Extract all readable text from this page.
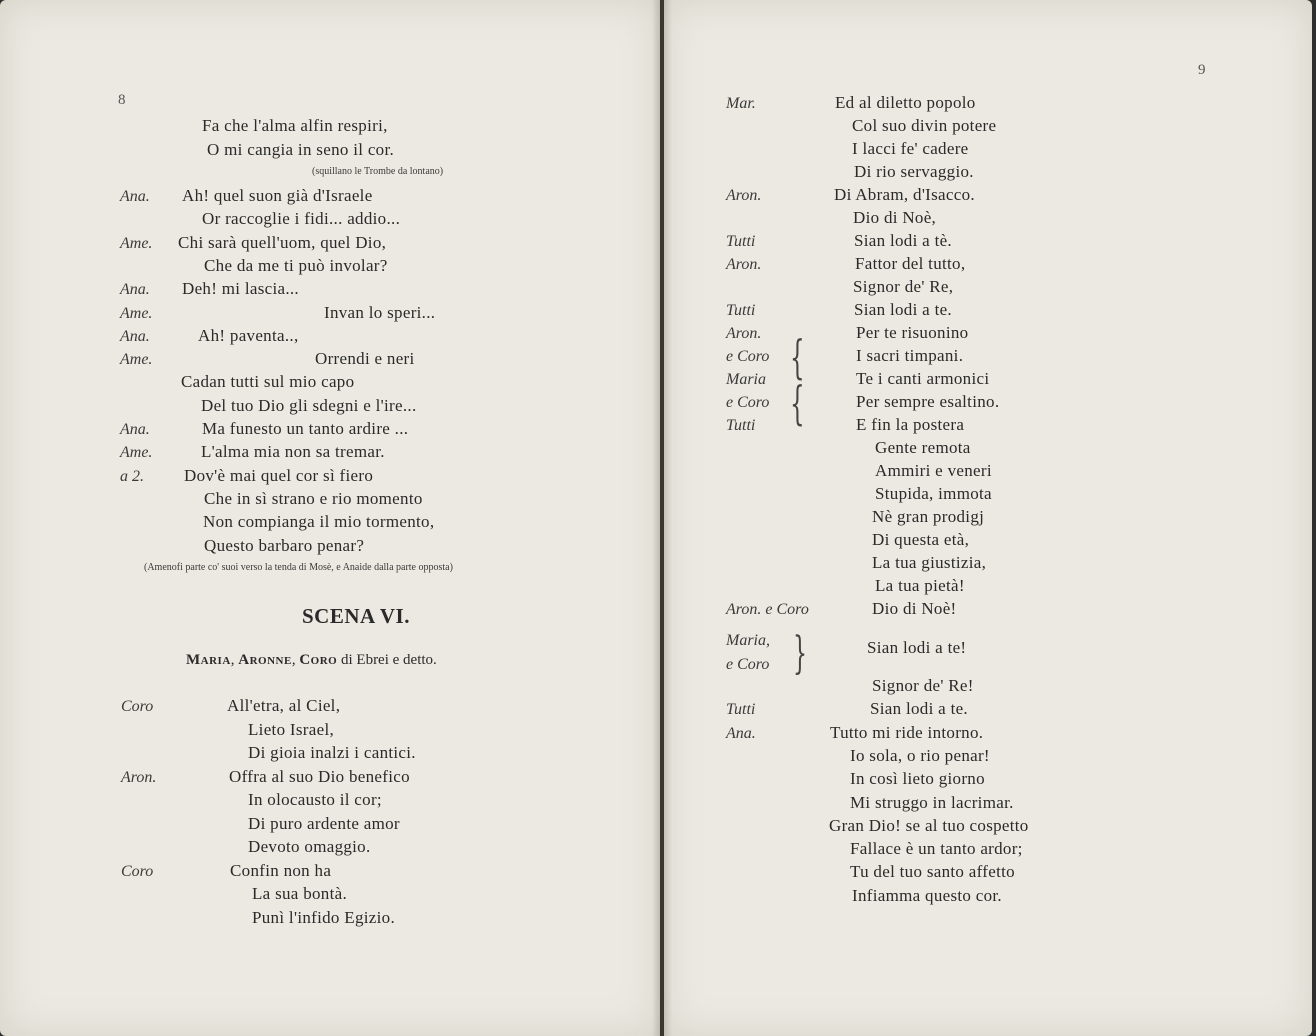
8
Fa che l'alma alfin respiri,
O mi cangia in seno il cor.
(squillano le Trombe da lontano)
Ana. Ah! quel suon già d'Israele
Or raccoglie i fidi... addio...
Ame. Chi sarà quell'uom, quel Dio,
Che da me ti può involar?
Ana. Deh! mi lascia...
Ame.	Invan lo speri...
Ana.	Ah! paventa..,
Ame.	Orrendi e neri
Cadan tutti sul mio capo
Del tuo Dio gli sdegni e l'ire...
Ana.	Ma funesto un tanto ardire ...
Ame.	L'alma mia non sa tremar.
a 2. Dov'è mai quel cor sì fiero
Che in sì strano e rio momento
Non compianga il mio tormento,
Questo barbaro penar?
(Amenofi parte co' suoi verso la tenda di Mosè, e Anaide dalla parte opposta)
SCENA VI.
Maria, Aronne, Coro di Ebrei e detto.
Coro	All'etra, al Ciel,
Lieto Israel,
Di gioia inalzi i cantici.
Aron.	Offra al suo Dio benefico
In olocausto il cor;
Di puro ardente amor
Devoto omaggio.
Coro	Confin non ha
La sua bontà.
Punì l'infido Egizio.
9
Mar.	Ed al diletto popolo
Col suo divin potere
I lacci fe' cadere
Di rio servaggio.
Aron.	Di Abram, d'Isacco.
Dio di Noè,
Tutti	Sian lodi a tè.
Aron.	Fattor del tutto,
Signor de' Re,
Tutti	Sian lodi a te.
Aron.	Per te risuonino
e Coro	I sacri timpani.
Maria	Te i canti armonici
e Coro	Per sempre esaltino.
Tutti	E fin la postera
Gente remota
Ammiri e veneri
Stupida, immota
Nè gran prodigj
Di questa età,
La tua giustizia,
La tua pietà!
Aron. e Coro	Dio di Noè!
{
{
Maria,
e Coro }	Sian lodi a te!
Signor de' Re!
Tutti	Sian lodi a te.
Ana.	Tutto mi ride intorno.
Io sola, o rio penar!
In così lieto giorno
Mi struggo in lacrimar.
Gran Dio! se al tuo cospetto
Fallace è un tanto ardor;
Tu del tuo santo affetto
Infiamma questo cor.
